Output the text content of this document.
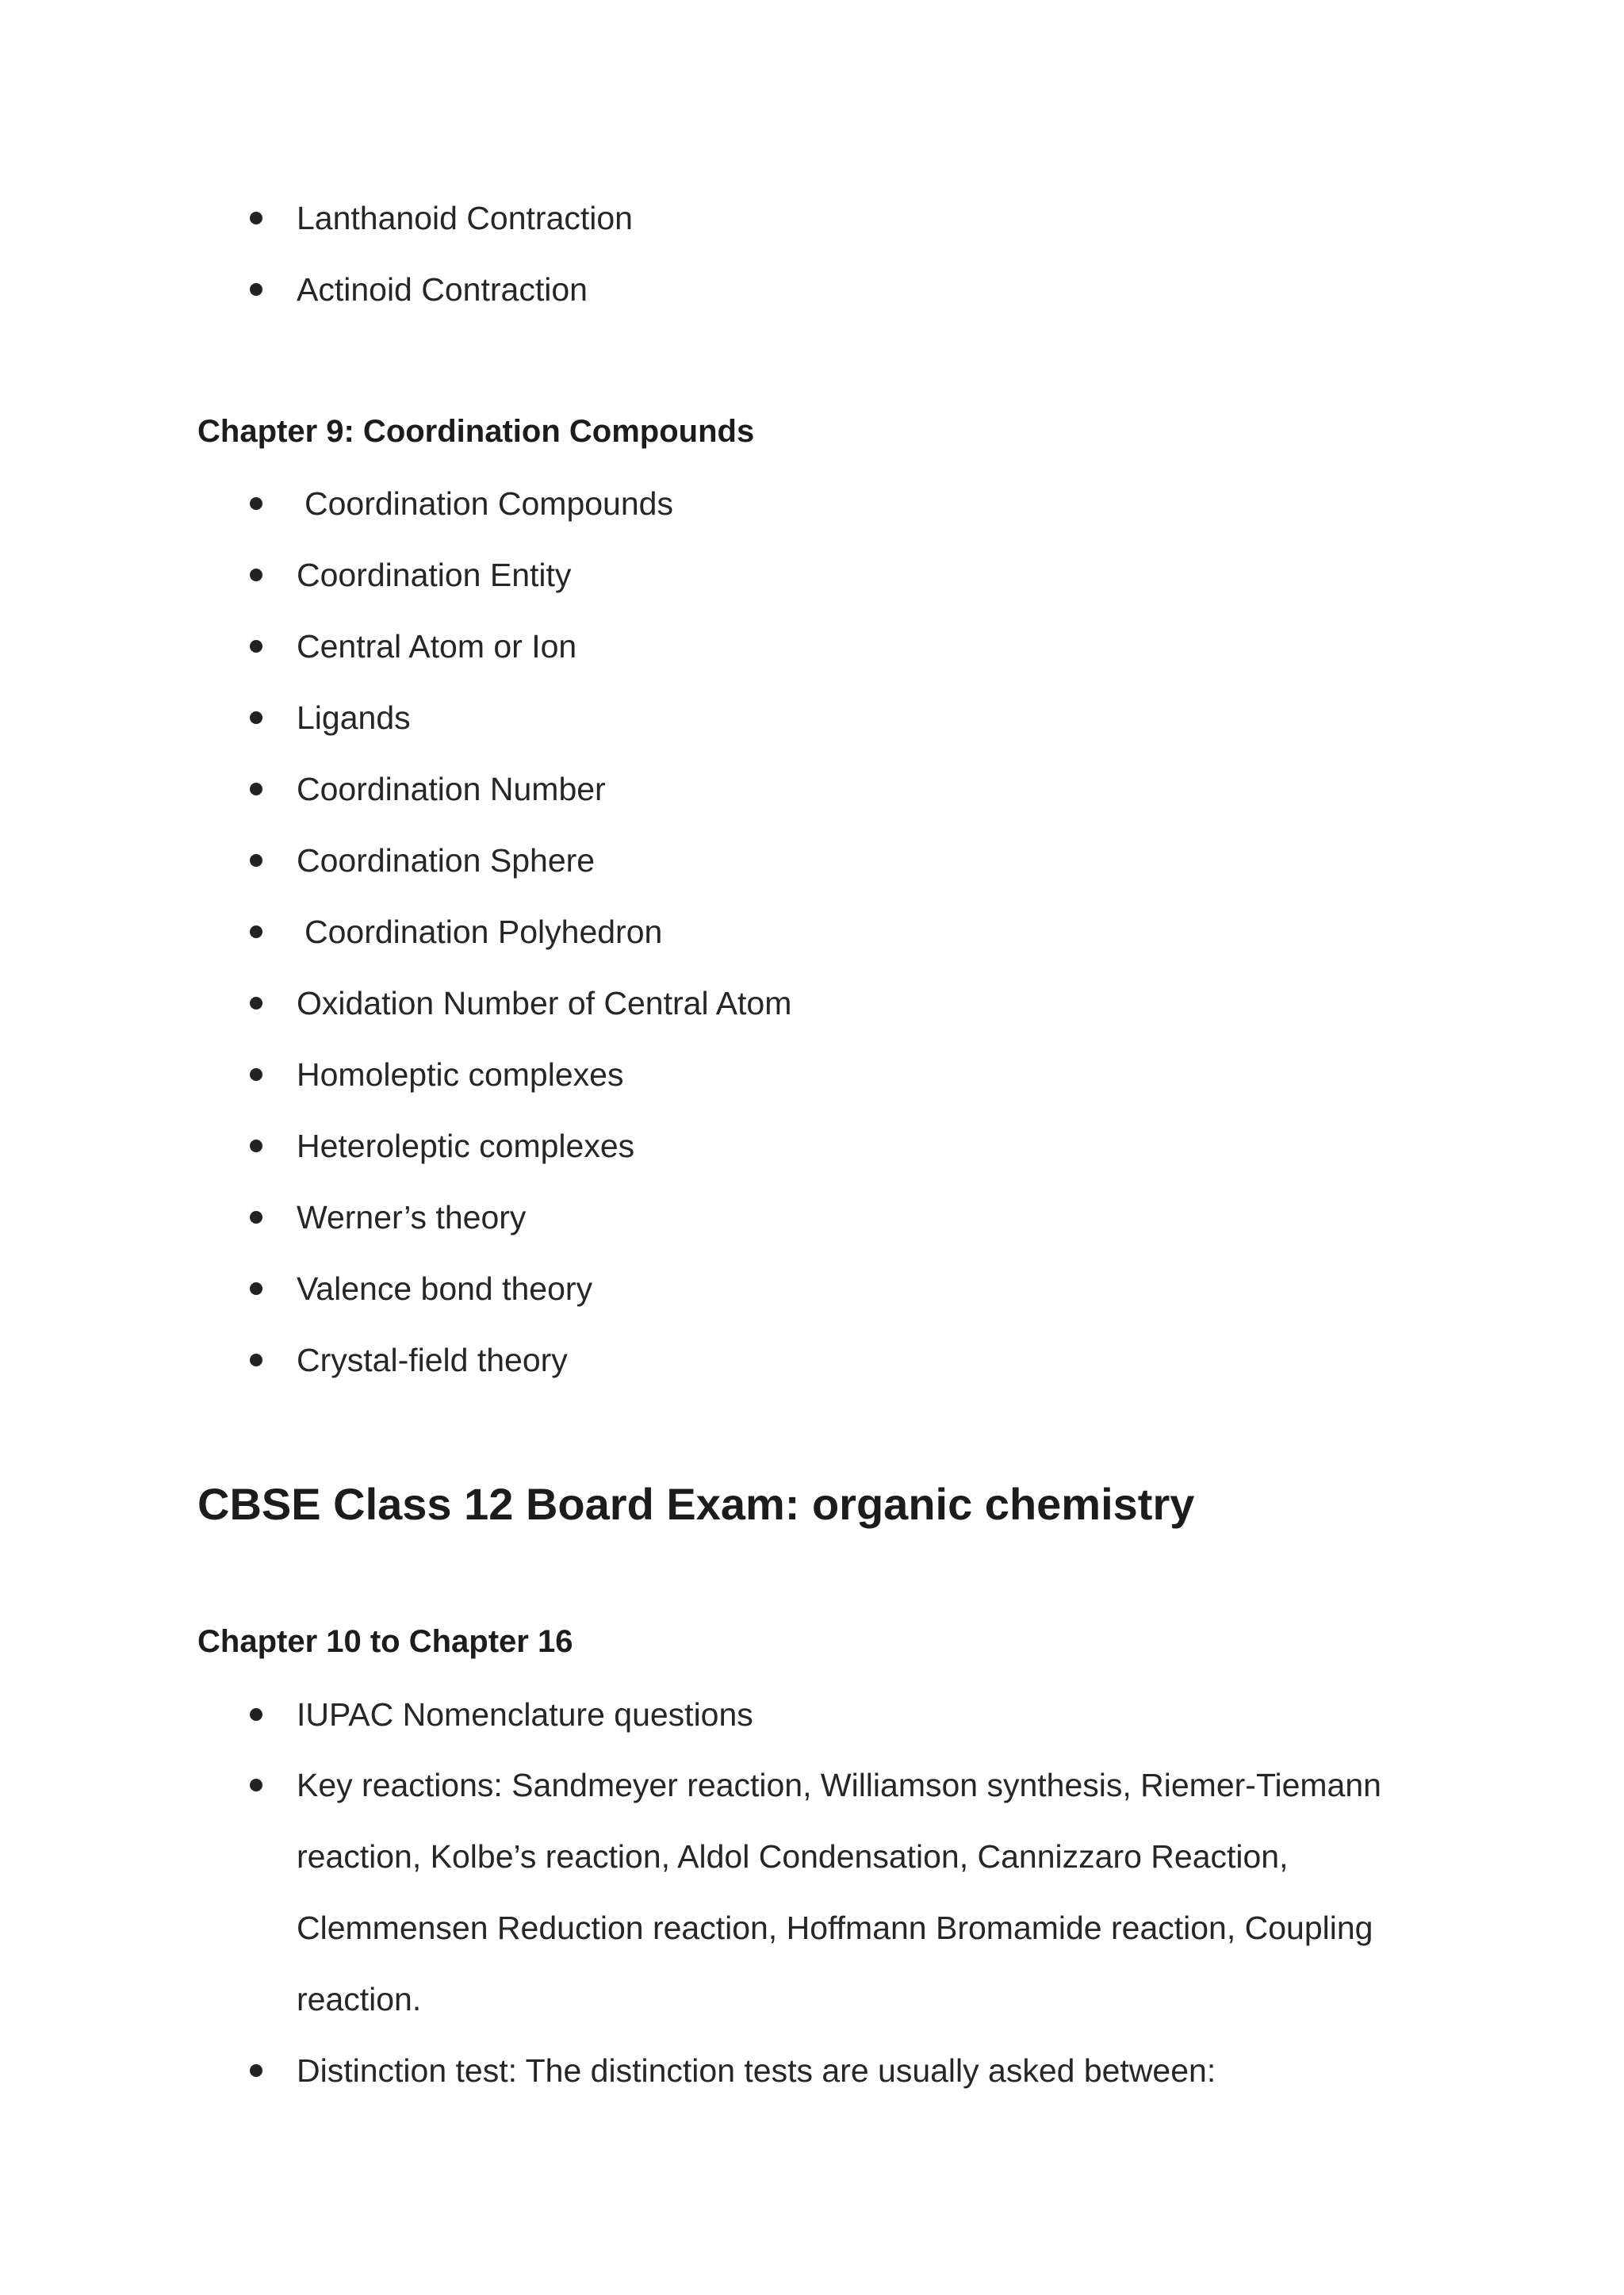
Lanthanoid Contraction
Actinoid Contraction
Chapter 9: Coordination Compounds
Coordination Compounds
Coordination Entity
Central Atom or Ion
Ligands
Coordination Number
Coordination Sphere
Coordination Polyhedron
Oxidation Number of Central Atom
Homoleptic complexes
Heteroleptic complexes
Werner’s theory
Valence bond theory
Crystal-field theory
CBSE Class 12 Board Exam: organic chemistry
Chapter 10 to Chapter 16
IUPAC Nomenclature questions
Key reactions: Sandmeyer reaction, Williamson synthesis, Riemer-Tiemann
reaction, Kolbe’s reaction, Aldol Condensation, Cannizzaro Reaction,
Clemmensen Reduction reaction, Hoffmann Bromamide reaction, Coupling
reaction.
Distinction test: The distinction tests are usually asked between:
